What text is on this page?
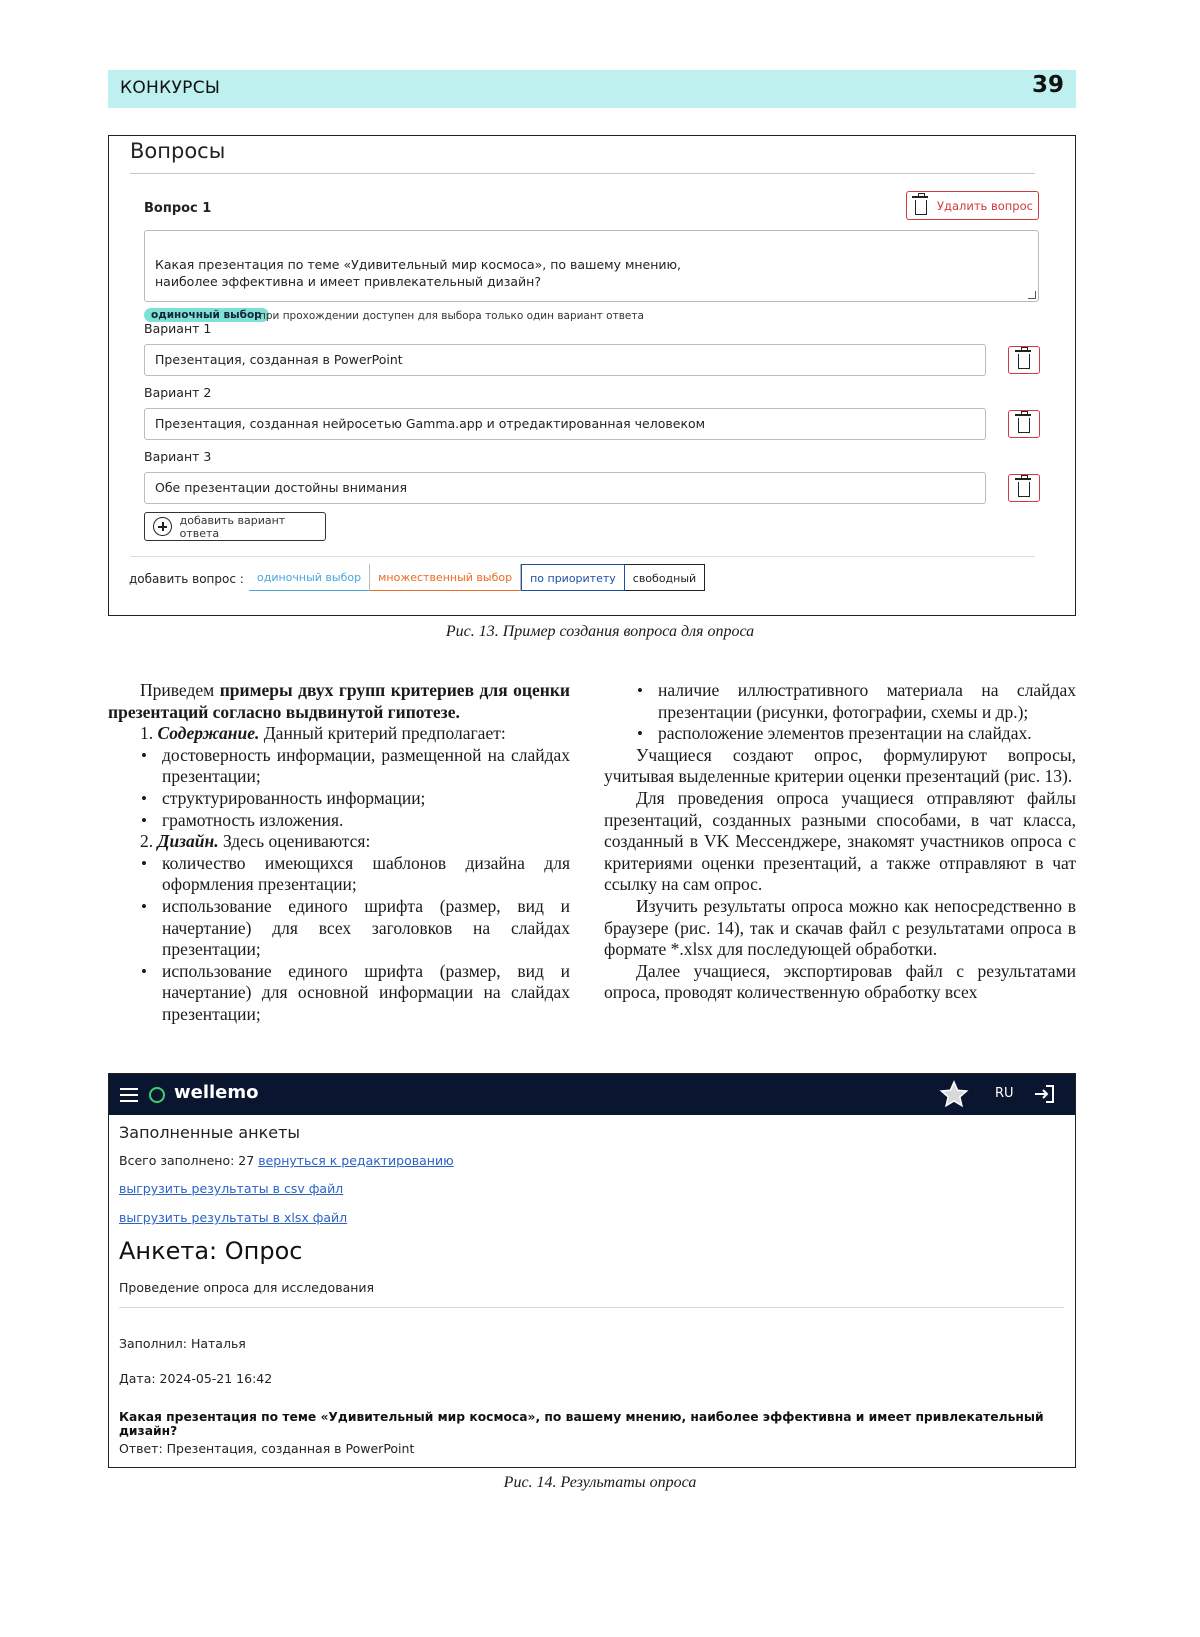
КОНКУРСЫ	39
Вопросы
Вопрос 1	Удалить вопрос

Какая презентация по теме «Удивительный мир космоса», по вашему мнению,
наиболее эффективна и имеет привлекательный дизайн?

одиночный выбор
при прохождении доступен для выбора только один вариант ответа
Вариант 1
Презентация, созданная в PowerPoint
Вариант 2
Презентация, созданная нейросетью Gamma.app и отредактированная человеком
Вариант 3
Обе презентации достойны внимания
добавить вариант ответа
добавить вопрос :	одиночный выбор	множественный выбор	по приоритету	свободный
Рис. 13. Пример создания вопроса для опроса
Приведем примеры двух групп критериев для оценки презентаций согласно выдвинутой гипотезе.
1. Содержание. Данный критерий предполагает:
• достоверность информации, размещенной на слайдах презентации;
• структурированность информации;
• грамотность изложения.
2. Дизайн. Здесь оцениваются:
• количество имеющихся шаблонов дизайна для оформления презентации;
• использование единого шрифта (размер, вид и начертание) для всех заголовков на слайдах презентации;
• использование единого шрифта (размер, вид и начертание) для основной информации на слайдах презентации;
• наличие иллюстративного материала на слайдах презентации (рисунки, фотографии, схемы и др.);
• расположение элементов презентации на слайдах.
Учащиеся создают опрос, формулируют вопросы, учитывая выделенные критерии оценки презентаций (рис. 13).
Для проведения опроса учащиеся отправляют файлы презентаций, созданных разными способами, в чат класса, созданный в VK Мессенджере, знакомят участников опроса с критериями оценки презентаций, а также отправляют в чат ссылку на сам опрос.
Изучить результаты опроса можно как непосредственно в браузере (рис. 14), так и скачав файл с результатами опроса в формате *.xlsx для последующей обработки.
Далее учащиеся, экспортировав файл с результатами опроса, проводят количественную обработку всех
wellemo	RU
Заполненные анкеты
Всего заполнено: 27 вернуться к редактированию
выгрузить результаты в csv файл
выгрузить результаты в xlsx файл
Анкета: Опрос
Проведение опроса для исследования
Заполнил: Наталья
Дата: 2024-05-21 16:42
Какая презентация по теме «Удивительный мир космоса», по вашему мнению, наиболее эффективна и имеет привлекательный дизайн?
Ответ: Презентация, созданная в PowerPoint
Рис. 14. Результаты опроса
